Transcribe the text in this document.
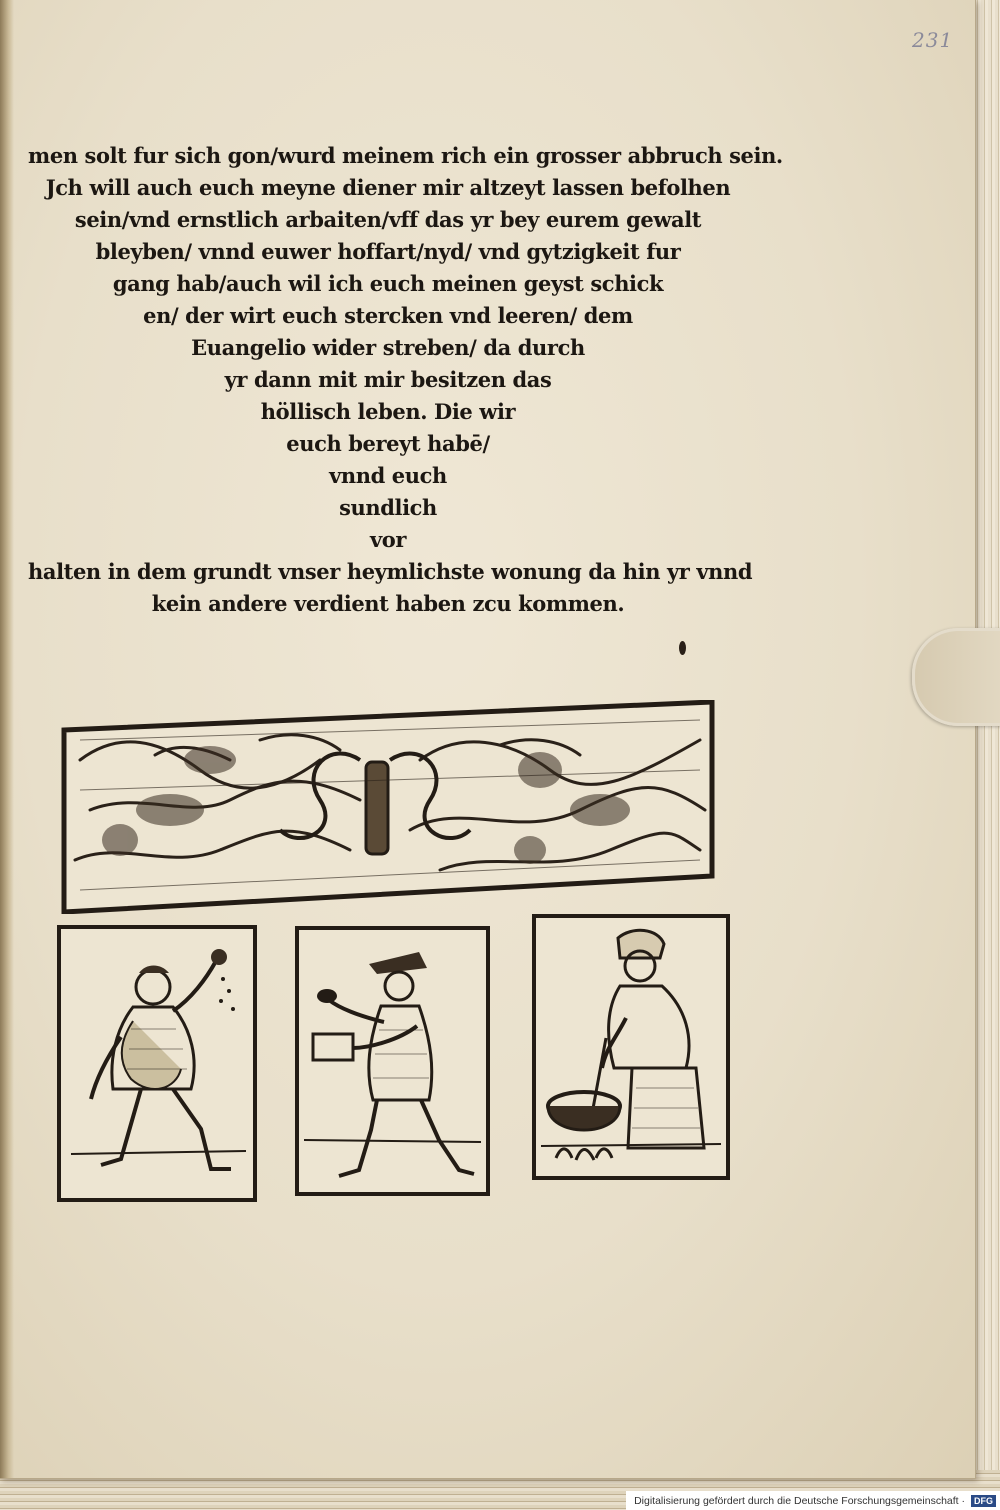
231
men solt fur sich gon/wurd meinem rich ein grosser abbruch sein.
Jch will auch euch meyne diener mir altzeyt lassen befolhen
sein/vnd ernstlich arbaiten/vff das yr bey eurem gewalt
bleyben/ vnnd euwer hoffart/nyd/ vnd gytzigkeit fur
gang hab/auch wil ich euch meinen geyst schick
en/ der wirt euch stercken vnd leeren/ dem
Euangelio wider streben/ da durch
yr dann mit mir besitzen das
höllisch leben. Die wir
euch bereyt habē/
vnnd euch
sundlich
vor
halten in dem grundt vnser heymlichste wonung da hin yr vnnd
kein andere verdient haben zcu kommen.
Digitalisierung gefördert durch die Deutsche Forschungsgemeinschaft ·	DFG
